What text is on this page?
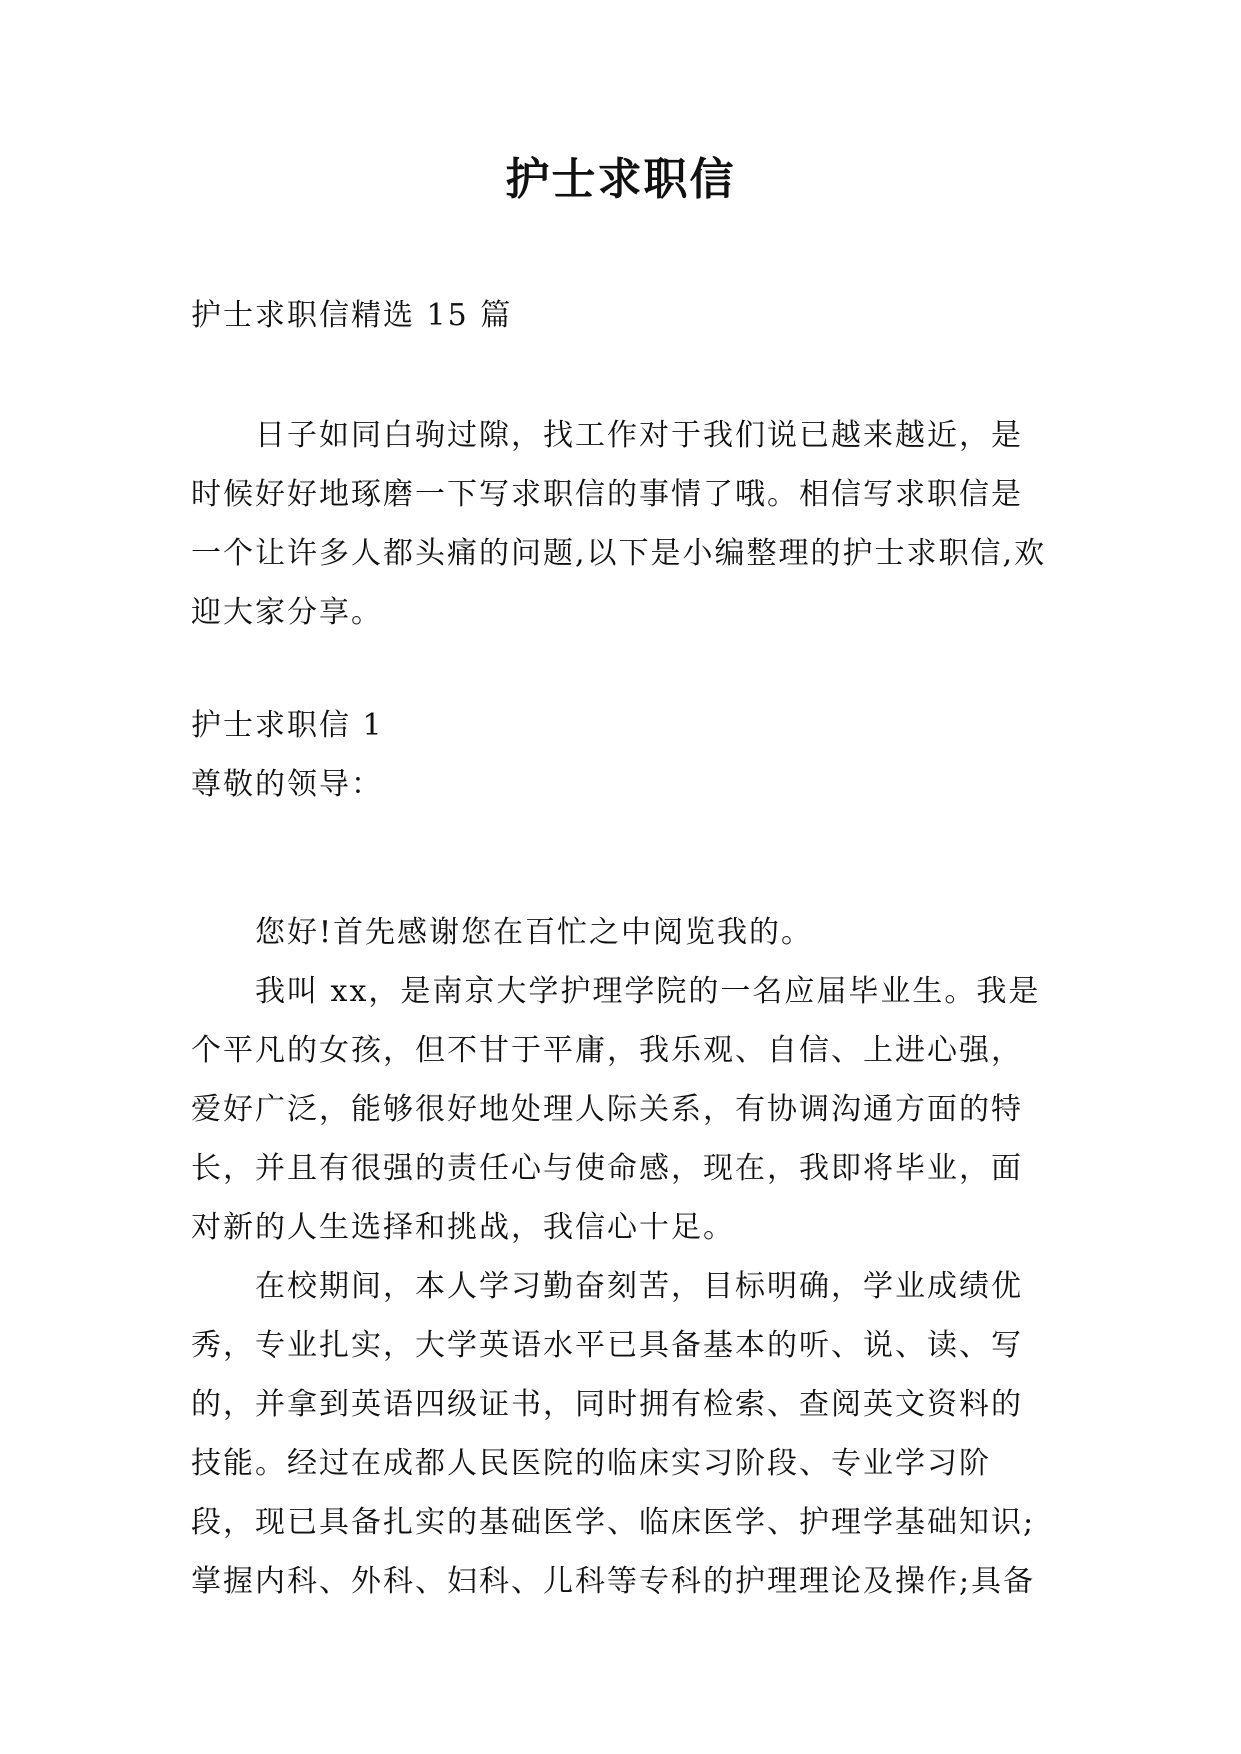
护士求职信

护士求职信精选 15 篇

日子如同白驹过隙，找工作对于我们说已越来越近，是时候好好地琢磨一下写求职信的事情了哦。相信写求职信是一个让许多人都头痛的问题,以下是小编整理的护士求职信,欢迎大家分享。

护士求职信 1

尊敬的领导：

您好!首先感谢您在百忙之中阅览我的。

我叫 xx，是南京大学护理学院的一名应届毕业生。我是个平凡的女孩，但不甘于平庸，我乐观、自信、上进心强，爱好广泛，能够很好地处理人际关系，有协调沟通方面的特长，并且有很强的责任心与使命感，现在，我即将毕业，面对新的人生选择和挑战，我信心十足。

在校期间，本人学习勤奋刻苦，目标明确，学业成绩优秀，专业扎实，大学英语水平已具备基本的听、说、读、写的，并拿到英语四级证书，同时拥有检索、查阅英文资料的技能。经过在成都人民医院的临床实习阶段、专业学习阶段，现已具备扎实的基础医学、临床医学、护理学基础知识;掌握内科、外科、妇科、儿科等专科的护理理论及操作;具备
